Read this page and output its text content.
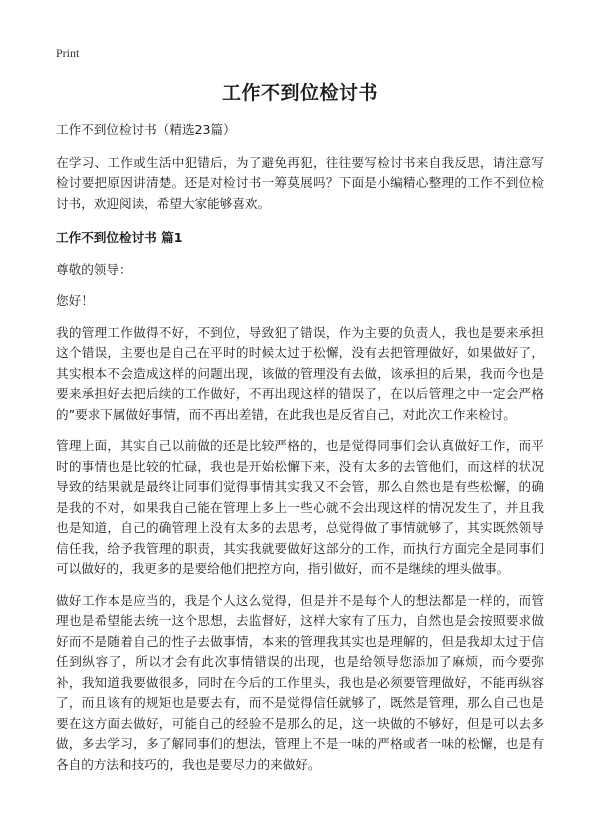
Print
工作不到位检讨书

工作不到位检讨书（精选23篇）

在学习、工作或生活中犯错后，为了避免再犯，往往要写检讨书来自我反思，请注意写检讨要把原因讲清楚。还是对检讨书一筹莫展吗？下面是小编精心整理的工作不到位检讨书，欢迎阅读，希望大家能够喜欢。

工作不到位检讨书 篇1

尊敬的领导：

您好！

我的管理工作做得不好，不到位，导致犯了错误，作为主要的负责人，我也是要来承担这个错误，主要也是自己在平时的时候太过于松懈，没有去把管理做好，如果做好了，其实根本不会造成这样的问题出现，该做的管理没有去做，该承担的后果，我而今也是要来承担好去把后续的工作做好，不再出现这样的错误了，在以后管理之中一定会严格的”要求下属做好事情，而不再出差错，在此我也是反省自己，对此次工作来检讨。

管理上面，其实自己以前做的还是比较严格的，也是觉得同事们会认真做好工作，而平时的事情也是比较的忙碌，我也是开始松懈下来，没有太多的去管他们，而这样的状况导致的结果就是最终让同事们觉得事情其实我又不会管，那么自然也是有些松懈，的确是我的不对，如果我自己能在管理上多上一些心就不会出现这样的情况发生了，并且我也是知道，自己的确管理上没有太多的去思考，总觉得做了事情就够了，其实既然领导信任我，给予我管理的职责，其实我就要做好这部分的工作，而执行方面完全是同事们可以做好的，我更多的是要给他们把控方向，指引做好，而不是继续的埋头做事。

做好工作本是应当的，我是个人这么觉得，但是并不是每个人的想法都是一样的，而管理也是希望能去统一这个思想，去监督好，这样大家有了压力，自然也是会按照要求做好而不是随着自己的性子去做事情，本来的管理我其实也是理解的，但是我却太过于信任到纵容了，所以才会有此次事情错误的出现，也是给领导您添加了麻烦，而今要弥补，我知道我要做很多，同时在今后的工作里头，我也是必须要管理做好，不能再纵容了，而且该有的规矩也是要去有，而不是觉得信任就够了，既然是管理，那么自己也是要在这方面去做好，可能自己的经验不是那么的足，这一块做的不够好，但是可以去多做，多去学习，多了解同事们的想法，管理上不是一味的严格或者一味的松懈，也是有各自的方法和技巧的，我也是要尽力的来做好。
